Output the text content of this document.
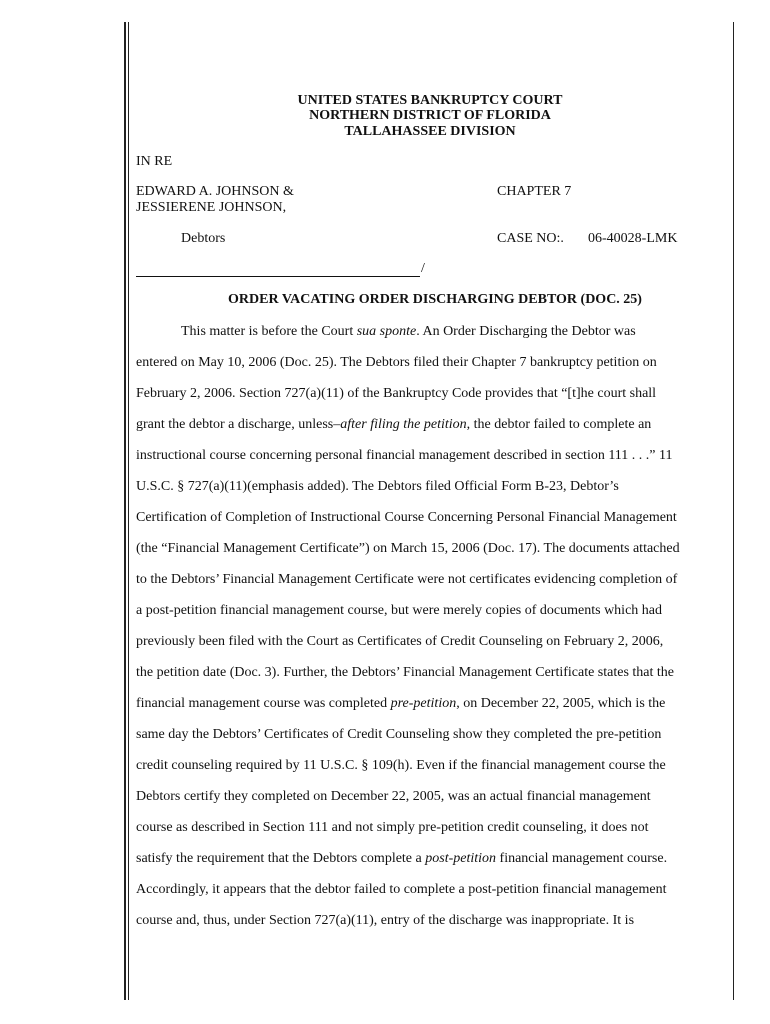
UNITED STATES BANKRUPTCY COURT
NORTHERN DISTRICT OF FLORIDA
TALLAHASSEE DIVISION
IN RE
EDWARD A. JOHNSON &
JESSIERENE JOHNSON,
CHAPTER 7
Debtors	CASE NO:. 06-40028-LMK
/
ORDER VACATING ORDER DISCHARGING DEBTOR (DOC. 25)
This matter is before the Court sua sponte. An Order Discharging the Debtor was
entered on May 10, 2006 (Doc. 25). The Debtors filed their Chapter 7 bankruptcy petition on
February 2, 2006. Section 727(a)(11) of the Bankruptcy Code provides that “[t]he court shall
grant the debtor a discharge, unless–after filing the petition, the debtor failed to complete an
instructional course concerning personal financial management described in section 111 . . .” 11
U.S.C. § 727(a)(11)(emphasis added). The Debtors filed Official Form B-23, Debtor’s
Certification of Completion of Instructional Course Concerning Personal Financial Management
(the “Financial Management Certificate”) on March 15, 2006 (Doc. 17). The documents attached
to the Debtors’ Financial Management Certificate were not certificates evidencing completion of
a post-petition financial management course, but were merely copies of documents which had
previously been filed with the Court as Certificates of Credit Counseling on February 2, 2006,
the petition date (Doc. 3). Further, the Debtors’ Financial Management Certificate states that the
financial management course was completed pre-petition, on December 22, 2005, which is the
same day the Debtors’ Certificates of Credit Counseling show they completed the pre-petition
credit counseling required by 11 U.S.C. § 109(h). Even if the financial management course the
Debtors certify they completed on December 22, 2005, was an actual financial management
course as described in Section 111 and not simply pre-petition credit counseling, it does not
satisfy the requirement that the Debtors complete a post-petition financial management course.
Accordingly, it appears that the debtor failed to complete a post-petition financial management
course and, thus, under Section 727(a)(11), entry of the discharge was inappropriate. It is
